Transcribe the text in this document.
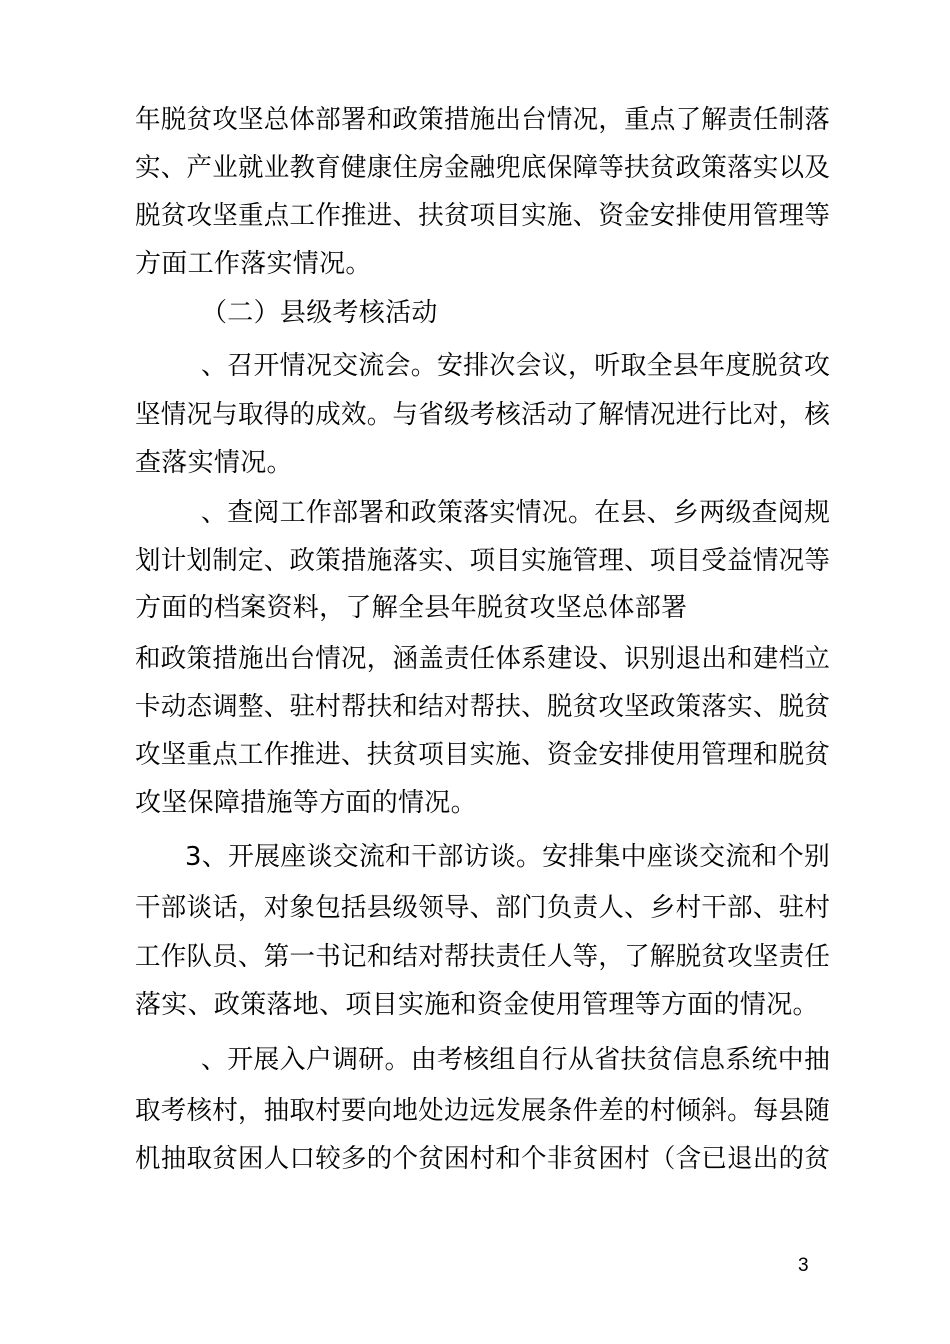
年脱贫攻坚总体部署和政策措施出台情况，重点了解责任制落
实、产业就业教育健康住房金融兜底保障等扶贫政策落实以及
脱贫攻坚重点工作推进、扶贫项目实施、资金安排使用管理等
方面工作落实情况。
（二）县级考核活动
、召开情况交流会。安排次会议，听取全县年度脱贫攻
坚情况与取得的成效。与省级考核活动了解情况进行比对，核
查落实情况。
、查阅工作部署和政策落实情况。在县、乡两级查阅规
划计划制定、政策措施落实、项目实施管理、项目受益情况等
方面的档案资料，了解全县年脱贫攻坚总体部署
和政策措施出台情况，涵盖责任体系建设、识别退出和建档立
卡动态调整、驻村帮扶和结对帮扶、脱贫攻坚政策落实、脱贫
攻坚重点工作推进、扶贫项目实施、资金安排使用管理和脱贫
攻坚保障措施等方面的情况。
3、开展座谈交流和干部访谈。安排集中座谈交流和个别
干部谈话，对象包括县级领导、部门负责人、乡村干部、驻村
工作队员、第一书记和结对帮扶责任人等，了解脱贫攻坚责任
落实、政策落地、项目实施和资金使用管理等方面的情况。
、开展入户调研。由考核组自行从省扶贫信息系统中抽
取考核村，抽取村要向地处边远发展条件差的村倾斜。每县随
机抽取贫困人口较多的个贫困村和个非贫困村（含已退出的贫
3
